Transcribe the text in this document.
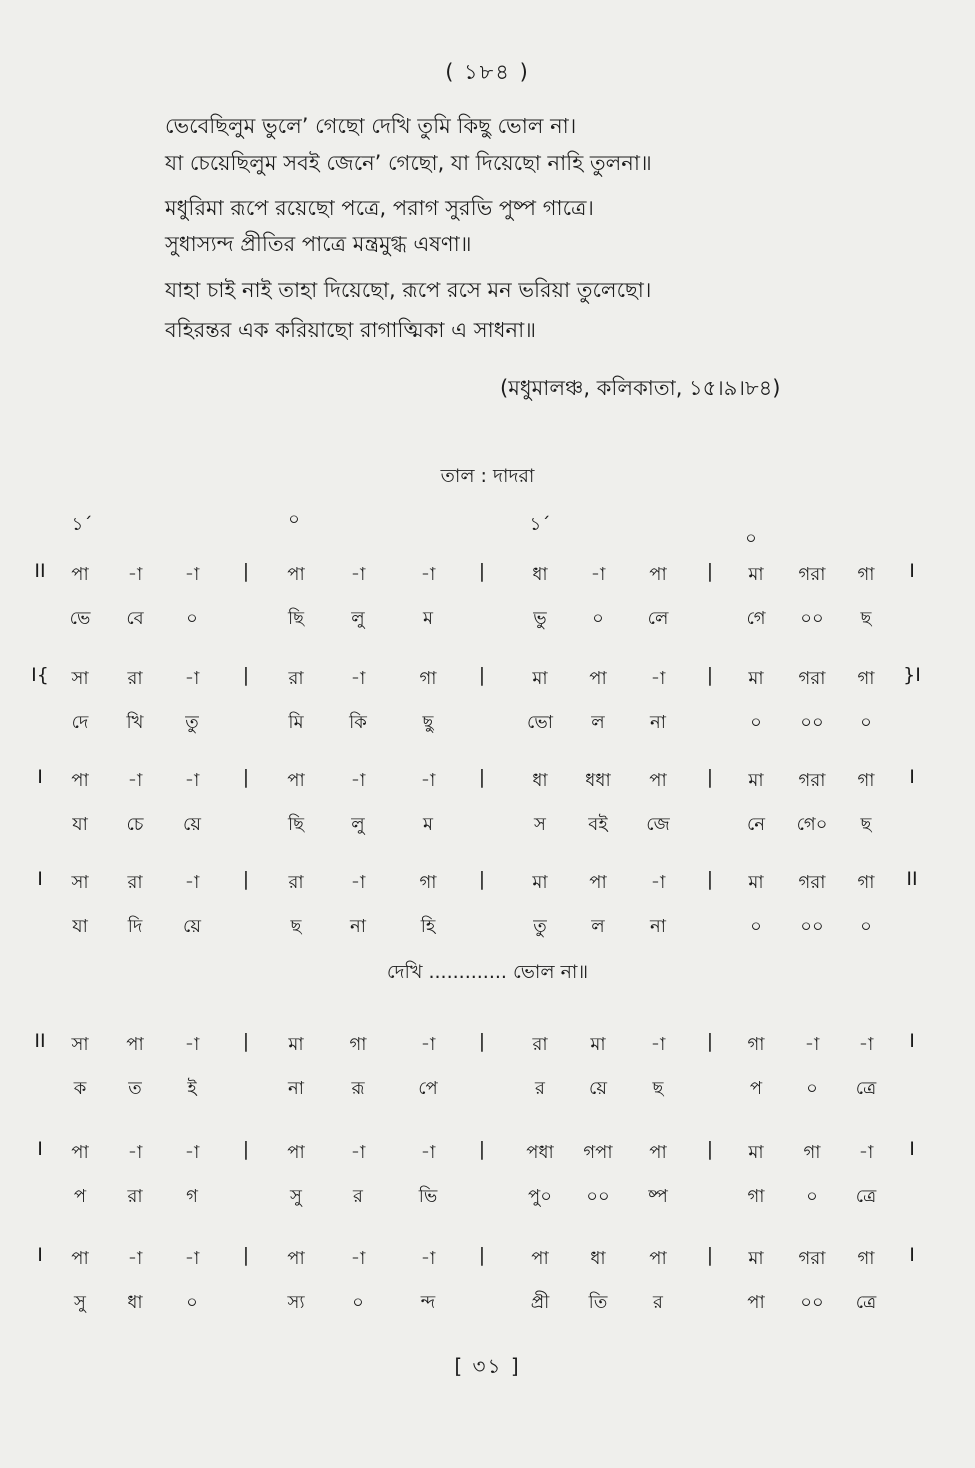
( ১৮৪ )
ভেবেছিলুম ভুলে’ গেছো দেখি তুমি কিছু ভোল না।
যা চেয়েছিলুম সবই জেনে’ গেছো, যা দিয়েছো নাহি তুলনা॥
মধুরিমা রূপে রয়েছো পত্রে, পরাগ সুরভি পুষ্প গাত্রে।
সুধাস্যন্দ প্রীতির পাত্রে মন্ত্রমুগ্ধ এষণা॥
যাহা চাই নাই তাহা দিয়েছো, রূপে রসে মন ভরিয়া তুলেছো।
বহিরন্তর এক করিয়াছো রাগাত্মিকা এ সাধনা॥
(মধুমালঞ্চ, কলিকাতা, ১৫।৯।৮৪)
তাল : দাদরা
১´	০	১´
০
II	I
|	|	|
পা	-া	-া	পা	-া	-া	ধা	-া	পা	মা	গরা	গা
ভে	বে	০	ছি	লু	ম	ভু	০	লে	গে	০০	ছ
I{	}I
|	|	|
সা	রা	-া	রা	-া	গা	মা	পা	-া	মা	গরা	গা
দে	খি	তু	মি	কি	ছু	ভো	ল	না	০	০০	০
I	I
|	|	|
পা	-া	-া	পা	-া	-া	ধা	ধধা	পা	মা	গরা	গা
যা	চে	য়ে	ছি	লু	ম	স	বই	জে	নে	গে০	ছ
I	II
|	|	|
সা	রা	-া	রা	-া	গা	মা	পা	-া	মা	গরা	গা
যা	দি	য়ে	ছ	না	হি	তু	ল	না	০	০০	০
II	I
|	|	|
সা	পা	-া	মা	গা	-া	রা	মা	-া	গা	-া	-া
ক	ত	ই	না	রূ	পে	র	য়ে	ছ	প	০	ত্রে
I	I
|	|	|
পা	-া	-া	পা	-া	-া	পধা	গপা	পা	মা	গা	-া
প	রা	গ	সু	র	ভি	পু০	০০	ষ্প	গা	০	ত্রে
I	I
|	|	|
পা	-া	-া	পা	-া	-া	পা	ধা	পা	মা	গরা	গা
সু	ধা	০	স্য	০	ন্দ	প্রী	তি	র	পা	০০	ত্রে
দেখি ............. ভোল না॥
[ ৩১ ]
